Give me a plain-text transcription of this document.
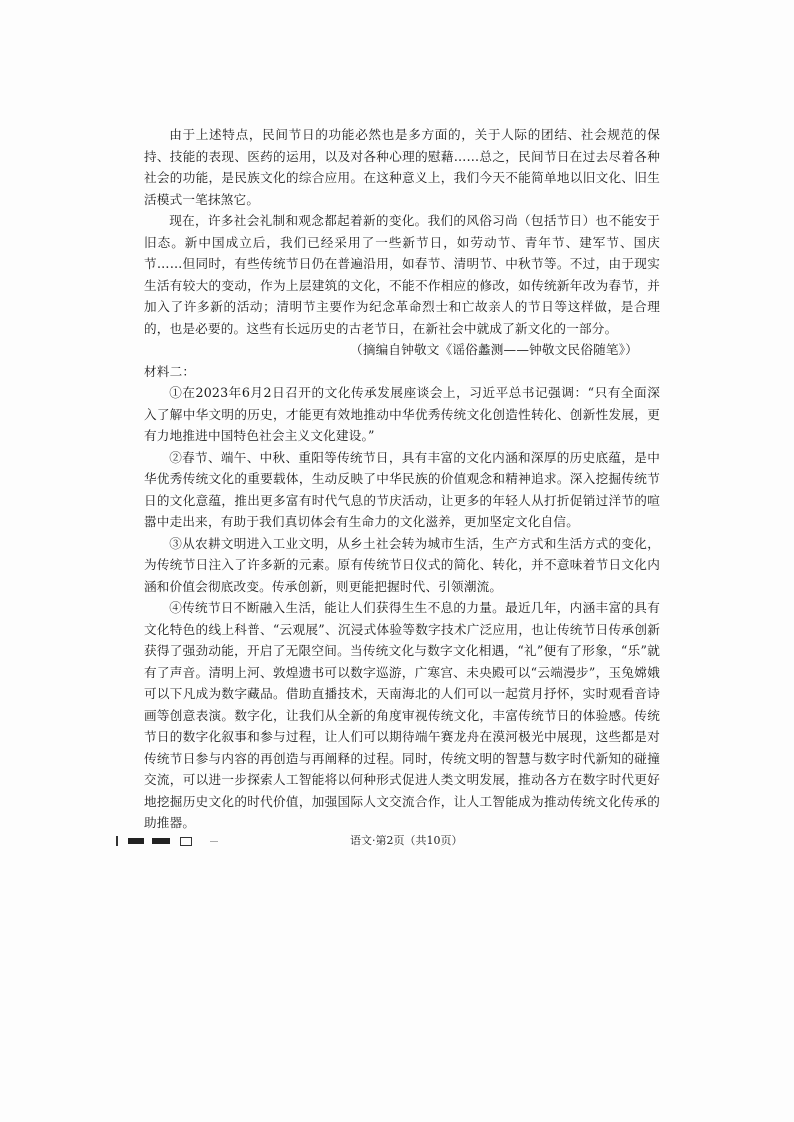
由于上述特点，民间节日的功能必然也是多方面的，关于人际的团结、社会规范的保持、技能的表现、医药的运用，以及对各种心理的慰藉……总之，民间节日在过去尽着各种社会的功能，是民族文化的综合应用。在这种意义上，我们今天不能简单地以旧文化、旧生活模式一笔抹煞它。

现在，许多社会礼制和观念都起着新的变化。我们的风俗习尚（包括节日）也不能安于旧态。新中国成立后，我们已经采用了一些新节日，如劳动节、青年节、建军节、国庆节……但同时，有些传统节日仍在普遍沿用，如春节、清明节、中秋节等。不过，由于现实生活有较大的变动，作为上层建筑的文化，不能不作相应的修改，如传统新年改为春节，并加入了许多新的活动；清明节主要作为纪念革命烈士和亡故亲人的节日等这样做，是合理的，也是必要的。这些有长远历史的古老节日，在新社会中就成了新文化的一部分。

（摘编自钟敬文《谣俗蠡测——钟敬文民俗随笔》）

材料二：

①在2023年6月2日召开的文化传承发展座谈会上，习近平总书记强调：“只有全面深入了解中华文明的历史，才能更有效地推动中华优秀传统文化创造性转化、创新性发展，更有力地推进中国特色社会主义文化建设。”

②春节、端午、中秋、重阳等传统节日，具有丰富的文化内涵和深厚的历史底蕴，是中华优秀传统文化的重要载体，生动反映了中华民族的价值观念和精神追求。深入挖掘传统节日的文化意蕴，推出更多富有时代气息的节庆活动，让更多的年轻人从打折促销过洋节的喧嚣中走出来，有助于我们真切体会有生命力的文化滋养，更加坚定文化自信。

③从农耕文明进入工业文明，从乡土社会转为城市生活，生产方式和生活方式的变化，为传统节日注入了许多新的元素。原有传统节日仪式的简化、转化，并不意味着节日文化内涵和价值会彻底改变。传承创新，则更能把握时代、引领潮流。

④传统节日不断融入生活，能让人们获得生生不息的力量。最近几年，内涵丰富的具有文化特色的线上科普、“云观展”、沉浸式体验等数字技术广泛应用，也让传统节日传承创新获得了强劲动能，开启了无限空间。当传统文化与数字文化相遇，“礼”便有了形象，“乐”就有了声音。清明上河、敦煌遗书可以数字巡游，广寒宫、未央殿可以“云端漫步”，玉兔嫦娥可以下凡成为数字藏品。借助直播技术，天南海北的人们可以一起赏月抒怀，实时观看音诗画等创意表演。数字化，让我们从全新的角度审视传统文化，丰富传统节日的体验感。传统节日的数字化叙事和参与过程，让人们可以期待端午赛龙舟在漠河极光中展现，这些都是对传统节日参与内容的再创造与再阐释的过程。同时，传统文明的智慧与数字时代新知的碰撞交流，可以进一步探索人工智能将以何种形式促进人类文明发展，推动各方在数字时代更好地挖掘历史文化的时代价值，加强国际人文交流合作，让人工智能成为推动传统文化传承的助推器。

语文·第2页（共10页）
